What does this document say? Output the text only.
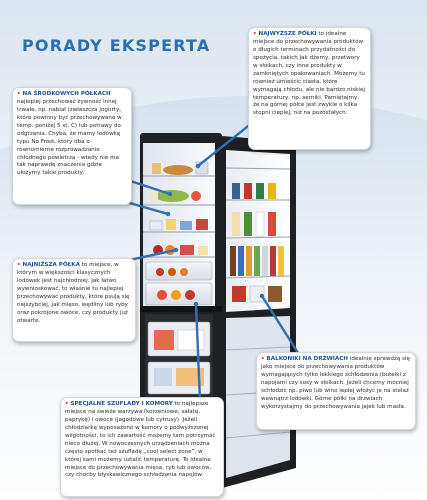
PORADY EKSPERTA
• NAJWYŻSZE PÓŁKI to idealne miejsce do przechowywania produktów o długich terminach przydatności do spożycia, takich jak dżemy, przetwory w słoikach, czy inne produkty w zamkniętych opakowaniach. Możemy tu również umieścić ciasta, które wymagają chłodu, ale nie bardzo niskiej temperatury, np. serniki. Pamiętajmy, że na górnej półce jest zwykle o kilka stopni cieplej, niż na pozostałych.
• NA ŚRODKOWYCH PÓŁKACH najlepiej przechować żywność innej trwałe, np. nabiał (zwłaszcza jogurty, które powinny być przechowywane w temp. poniżej 5 st. C) lub potrawy do odgrzania. Chyba, że mamy lodówkę typu No Frost, który dba o równomierne rozprowadzanie chłodnego powietrza - wtedy nie ma tak naprawdę znaczenia gdzie ułożymy takie produkty.
• NAJNIŻSZA PÓŁKA to miejsce, w którym w większości klasycznych lodówek jest najchłodniej. Jak łatwo wywnioskować, to właśnie tu najlepiej przechowywać produkty, które psują się najszybciej, jak mięso, wędliny lub ryby oraz pokrojone owoce, czy produkty już otwarte.
• BALKONIKI NA DRZWIACH idealnie sprawdzą się jako miejsce do przechowywania produktów wymagających tylko lekkiego schłodzenia (butelki z napojami czy sosy w słoikach. Jeżeli chcemy mocniej schłodzić np. piwo lub wino lepiej włożyć je na stelaż wewnątrz lodówki. Górne półki na drzwiach wykorzystajmy do przechowywania jajek lub masła.
• SPECJALNE SZUFLADY I KOMORY to najlepsze miejsce na świeże warzywa (korzeniowe, sałatę, paprykę) i owoce (jagodowe lub cytrusy). Jeżeli chłodziarkę wyposażono w komory o podwyższonej wilgotności, to ich zawartość możemy tam potrzymać nieco dłużej. W nowoczesnych urządzeniach można często spotkać też szufladę „cool select zone”, w której sami możemy ustalić temperaturę. To idealne miejsce do przechowywania mięsa, ryb lub owoców, czy chocby błyskawicznego schładzania napojów.
